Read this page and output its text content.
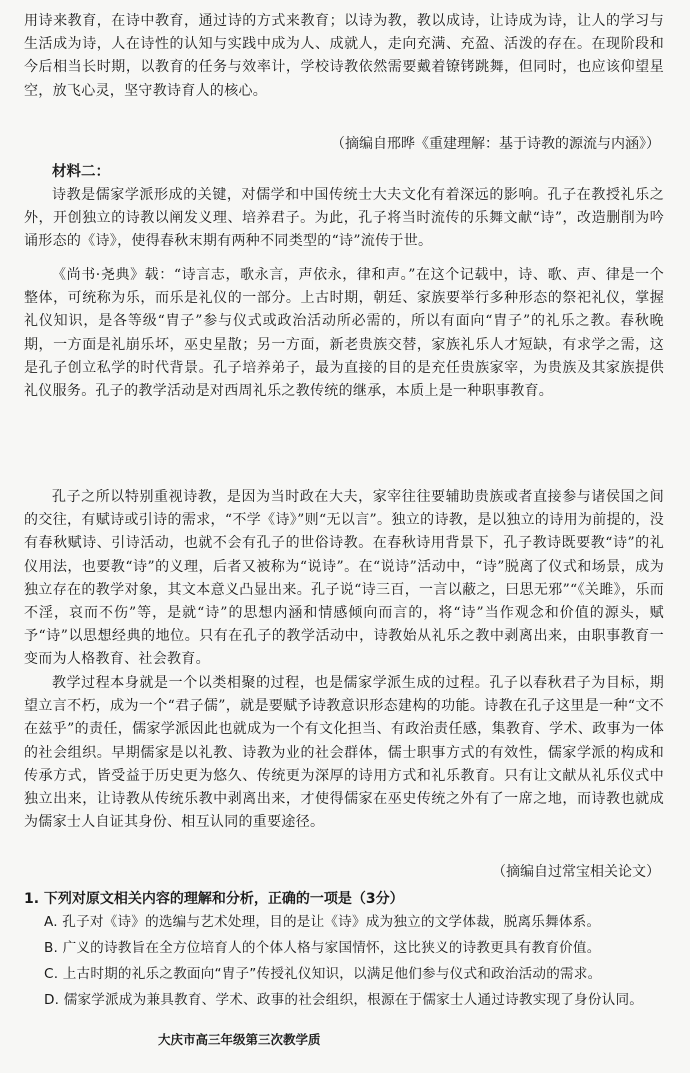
用诗来教育，在诗中教育，通过诗的方式来教育；以诗为教，教以成诗，让诗成为诗，让人的学习与生活成为诗，人在诗性的认知与实践中成为人、成就人，走向充满、充盈、活泼的存在。在现阶段和今后相当长时期，以教育的任务与效率计，学校诗教依然需要戴着镣铐跳舞，但同时，也应该仰望星空，放飞心灵，坚守教诗育人的核心。

（摘编自邢晔《重建理解：基于诗教的源流与内涵》）

材料二：

诗教是儒家学派形成的关键，对儒学和中国传统士大夫文化有着深远的影响。孔子在教授礼乐之外，开创独立的诗教以阐发义理、培养君子。为此，孔子将当时流传的乐舞文献“诗”，改造删削为吟诵形态的《诗》，使得春秋末期有两种不同类型的“诗”流传于世。

《尚书·尧典》载：“诗言志，歌永言，声依永，律和声。”在这个记载中，诗、歌、声、律是一个整体，可统称为乐，而乐是礼仪的一部分。上古时期，朝廷、家族要举行多种形态的祭祀礼仪，掌握礼仪知识，是各等级“胄子”参与仪式或政治活动所必需的，所以有面向“胄子”的礼乐之教。春秋晚期，一方面是礼崩乐坏，巫史星散；另一方面，新老贵族交替，家族礼乐人才短缺，有求学之需，这是孔子创立私学的时代背景。孔子培养弟子，最为直接的目的是充任贵族家宰，为贵族及其家族提供礼仪服务。孔子的教学活动是对西周礼乐之教传统的继承，本质上是一种职事教育。

孔子之所以特别重视诗教，是因为当时政在大夫，家宰往往要辅助贵族或者直接参与诸侯国之间的交往，有赋诗或引诗的需求，“不学《诗》”则“无以言”。独立的诗教，是以独立的诗用为前提的，没有春秋赋诗、引诗活动，也就不会有孔子的世俗诗教。在春秋诗用背景下，孔子教诗既要教“诗”的礼仪用法，也要教“诗”的义理，后者又被称为“说诗”。在“说诗”活动中，“诗”脱离了仪式和场景，成为独立存在的教学对象，其文本意义凸显出来。孔子说“诗三百，一言以蔽之，曰思无邪”“《关雎》，乐而不淫，哀而不伤”等，是就“诗”的思想内涵和情感倾向而言的，将“诗”当作观念和价值的源头，赋予“诗”以思想经典的地位。只有在孔子的教学活动中，诗教始从礼乐之教中剥离出来，由职事教育一变而为人格教育、社会教育。

教学过程本身就是一个以类相聚的过程，也是儒家学派生成的过程。孔子以春秋君子为目标，期望立言不朽，成为一个“君子儒”，就是要赋予诗教意识形态建构的功能。诗教在孔子这里是一种“文不在兹乎”的责任，儒家学派因此也就成为一个有文化担当、有政治责任感，集教育、学术、政事为一体的社会组织。早期儒家是以礼教、诗教为业的社会群体，儒士职事方式的有效性，儒家学派的构成和传承方式，皆受益于历史更为悠久、传统更为深厚的诗用方式和礼乐教育。只有让文献从礼乐仪式中独立出来，让诗教从传统乐教中剥离出来，才使得儒家在巫史传统之外有了一席之地，而诗教也就成为儒家士人自证其身份、相互认同的重要途径。

（摘编自过常宝相关论文）

1. 下列对原文相关内容的理解和分析，正确的一项是（3分）

A. 孔子对《诗》的选编与艺术处理，目的是让《诗》成为独立的文学体裁，脱离乐舞体系。

B. 广义的诗教旨在全方位培育人的个体人格与家国情怀，这比狭义的诗教更具有教育价值。

C. 上古时期的礼乐之教面向“胄子”传授礼仪知识，以满足他们参与仪式和政治活动的需求。

D. 儒家学派成为兼具教育、学术、政事的社会组织，根源在于儒家士人通过诗教实现了身份认同。

大庆市高三年级第三次教学质
